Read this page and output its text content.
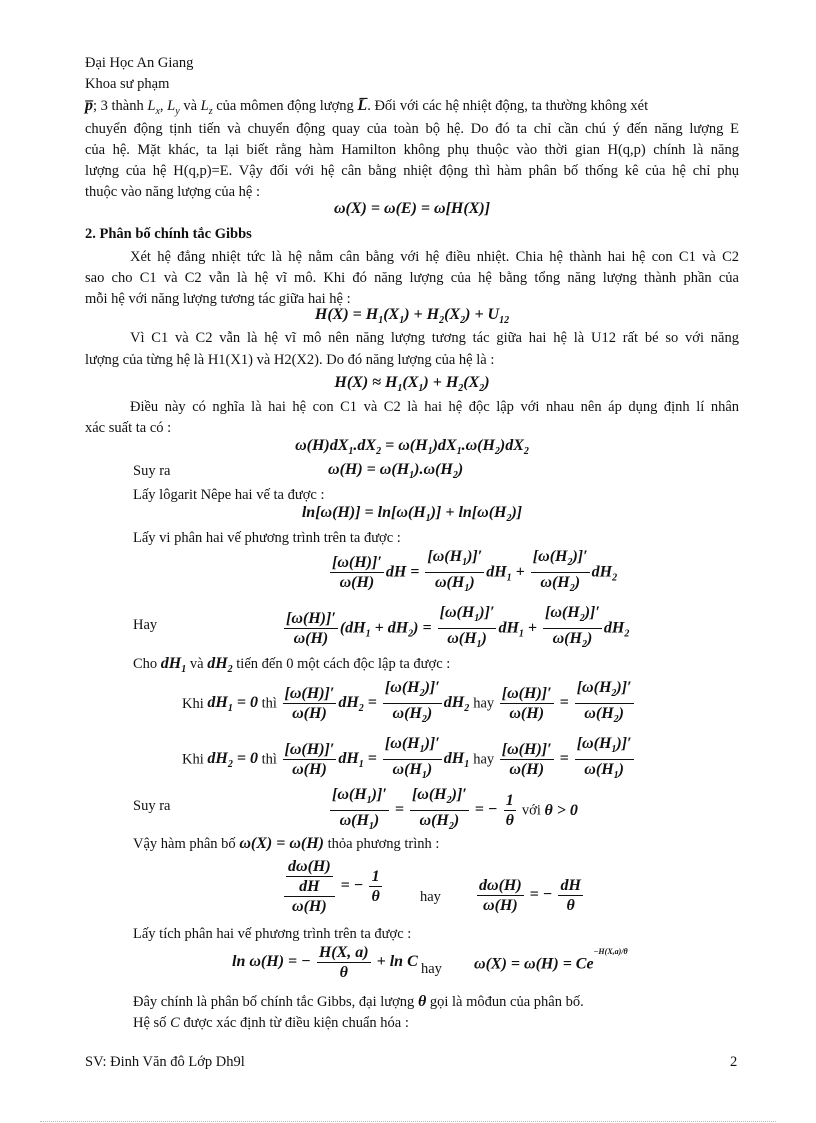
Đại Học An Giang
Khoa sư phạm
p̅; 3 thành $L_x$, $L_y$ và $L_z$ của mômen động lượng L̅. Đối với các hệ nhiệt động, ta thường không xét
chuyển động tịnh tiến và chuyển động quay của toàn bộ hệ. Do đó ta chỉ cần chú ý đến năng lượng E
của hệ. Mặt khác, ta lại biết rằng hàm Hamilton không phụ thuộc vào thời gian H(q,p) chính là năng
lượng của hệ H(q,p)=E. Vậy đối với hệ cân bằng nhiệt động thì hàm phân bố thống kê của hệ chỉ phụ
thuộc vào năng lượng của hệ :
ω(X) = ω(E) = ω[H(X)]
2. Phân bố chính tắc Gibbs
Xét hệ đẳng nhiệt tức là hệ nằm cân bằng với hệ điều nhiệt. Chia hệ thành hai hệ con C1 và C2
sao cho C1 và C2 vẫn là hệ vĩ mô. Khi đó năng lượng của hệ bằng tổng năng lượng thành phần của
mỗi hệ với năng lượng tương tác giữa hai hệ :
$H(X) = H_1(X_1) + H_2(X_2) + U_{12}$
Vì C1 và C2 vẫn là hệ vĩ mô nên năng lượng tương tác giữa hai hệ là U12 rất bé so với năng
lượng của từng hệ là H1(X1) và H2(X2). Do đó năng lượng của hệ là :
$H(X) \approx H_1(X_1) + H_2(X_2)$
Điều này có nghĩa là hai hệ con C1 và C2 là hai hệ độc lập với nhau nên áp dụng định lí nhân
xác suất ta có :
$\omega(H)dX_1.dX_2 = \omega(H_1)dX_1.\omega(H_2)dX_2$
Suy ra	$\omega(H) = \omega(H_1).\omega(H_2)$
Lấy lôgarit Nêpe hai vế ta được :
$\ln[\omega(H)] = \ln[\omega(H_1)] + \ln[\omega(H_2)]$
Lấy vi phân hai vế phương trình trên ta được :
$\frac{[\omega(H)]'}{\omega(H)}$ dH = $\frac{[\omega(H_1)]'}{\omega(H_1)} dH_1 + \frac{[\omega(H_2)]'}{\omega(H_2)} dH_2$
Hay	$\frac{[\omega(H)]'}{\omega(H)} (dH_1 + dH_2) = \frac{[\omega(H_1)]'}{\omega(H_1)} dH_1 + \frac{[\omega(H_2)]'}{\omega(H_2)} dH_2$
Cho $dH_1$ và $dH_2$ tiến đến 0 một cách độc lập ta được :
Khi $dH_1 = 0$ thì $\frac{[\omega(H)]'}{\omega(H)} dH_2 = \frac{[\omega(H_2)]'}{\omega(H_2)} dH_2$ hay $\frac{[\omega(H)]'}{\omega(H)} = \frac{[\omega(H_2)]'}{\omega(H_2)}$
Khi $dH_2 = 0$ thì $\frac{[\omega(H)]'}{\omega(H)} dH_1 = \frac{[\omega(H_1)]'}{\omega(H_1)} dH_1$ hay $\frac{[\omega(H)]'}{\omega(H)} = \frac{[\omega(H_1)]'}{\omega(H_1)}$
Suy ra	$\frac{[\omega(H_1)]'}{\omega(H_1)} = \frac{[\omega(H_2)]'}{\omega(H_2)}$ = − $\frac{1}{\theta}$ với θ > 0
Vậy hàm phân bố ω(X) = ω(H) thỏa phương trình :
$\frac{\frac{d\omega(H)}{dH}}{\omega(H)}$ = − $\frac{1}{\theta}$	hay $\frac{d\omega(H)}{\omega(H)}$ = − $\frac{dH}{\theta}$
Lấy tích phân hai vế phương trình trên ta được :
ln ω(H) = − $\frac{H(X, a)}{\theta} + \ln C$ hay $\omega(X) = \omega(H) = Ce^{-H(X,a)/\theta}$
Đây chính là phân bố chính tắc Gibbs, đại lượng θ gọi là môđun của phân bố.
Hệ số C được xác định từ điều kiện chuẩn hóa :
SV: Đinh Văn đô Lớp Dh9l	2
